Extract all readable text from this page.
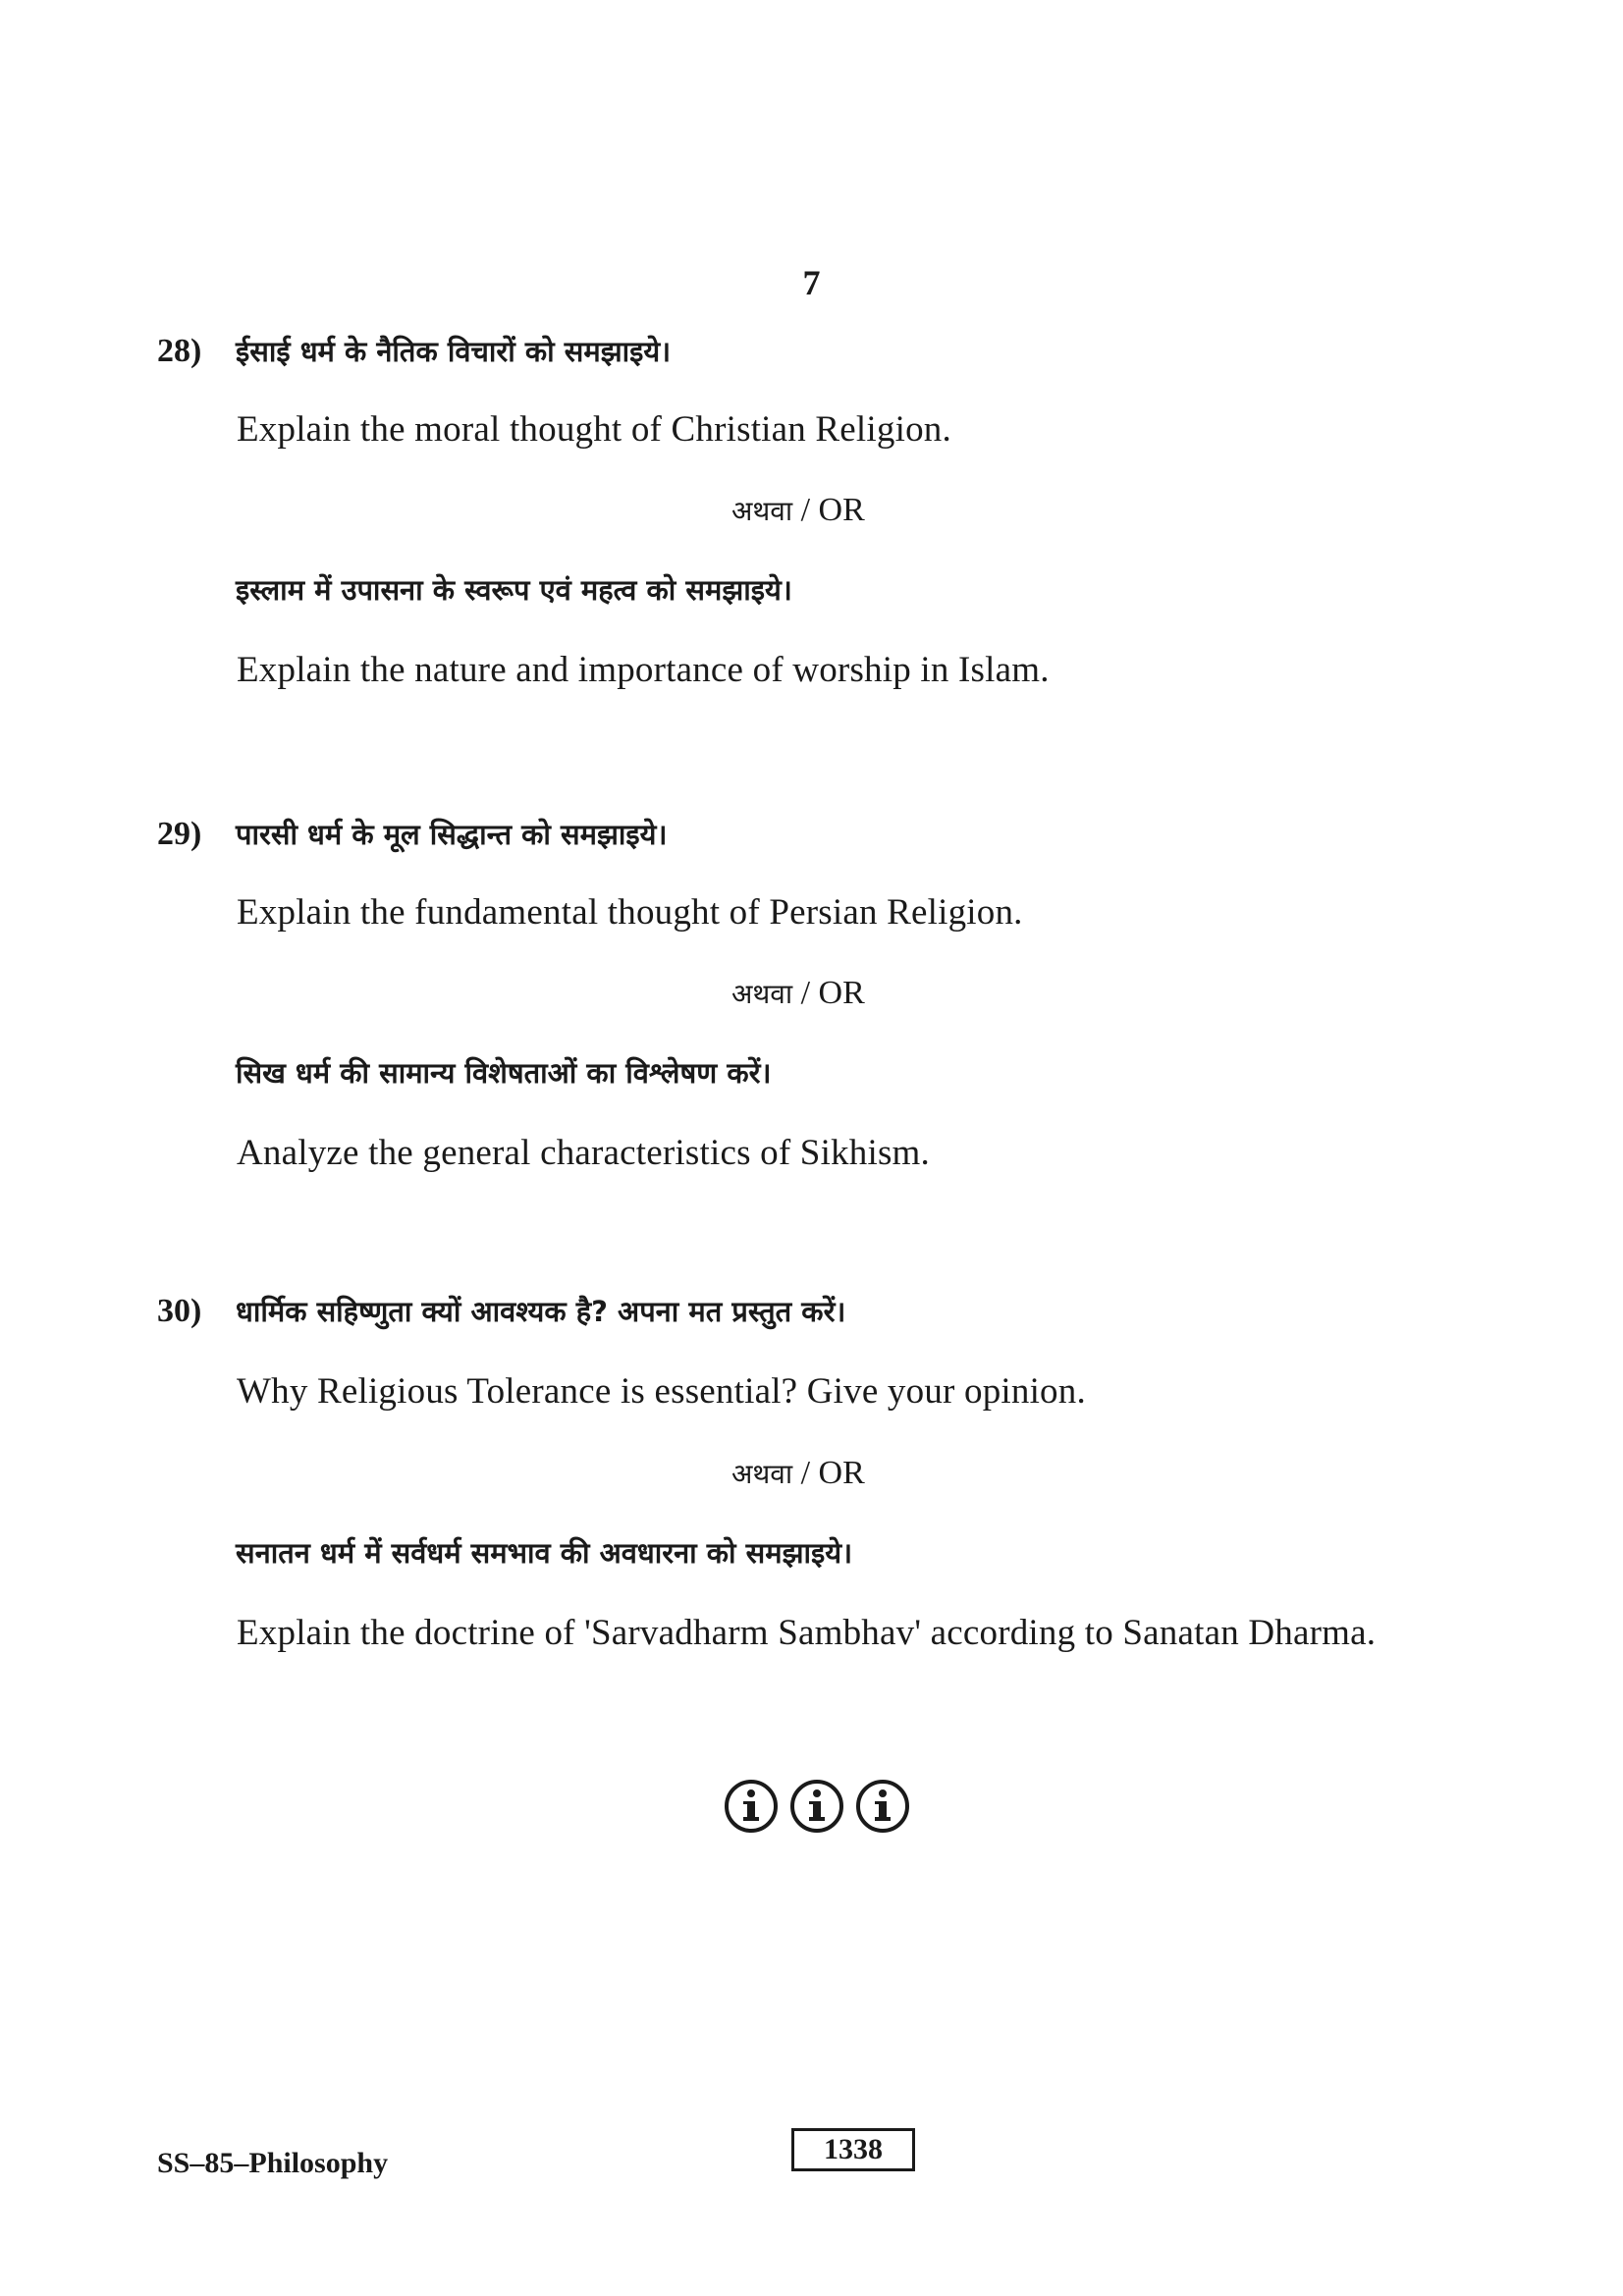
7
28) ईसाई धर्म के नैतिक विचारों को समझाइये।
Explain the moral thought of Christian Religion.
अथवा / OR
इस्लाम में उपासना के स्वरूप एवं महत्व को समझाइये।
Explain the nature and importance of worship in Islam.
29) पारसी धर्म के मूल सिद्धान्त को समझाइये।
Explain the fundamental thought of Persian Religion.
अथवा / OR
सिख धर्म की सामान्य विशेषताओं का विश्लेषण करें।
Analyze the general characteristics of Sikhism.
30) धार्मिक सहिष्णुता क्यों आवश्यक है? अपना मत प्रस्तुत करें।
Why Religious Tolerance is essential? Give your opinion.
अथवा / OR
सनातन धर्म में सर्वधर्म समभाव की अवधारना को समझाइये।
Explain the doctrine of 'Sarvadharm Sambhav' according to Sanatan Dharma.
SS–85–Philosophy	1338
